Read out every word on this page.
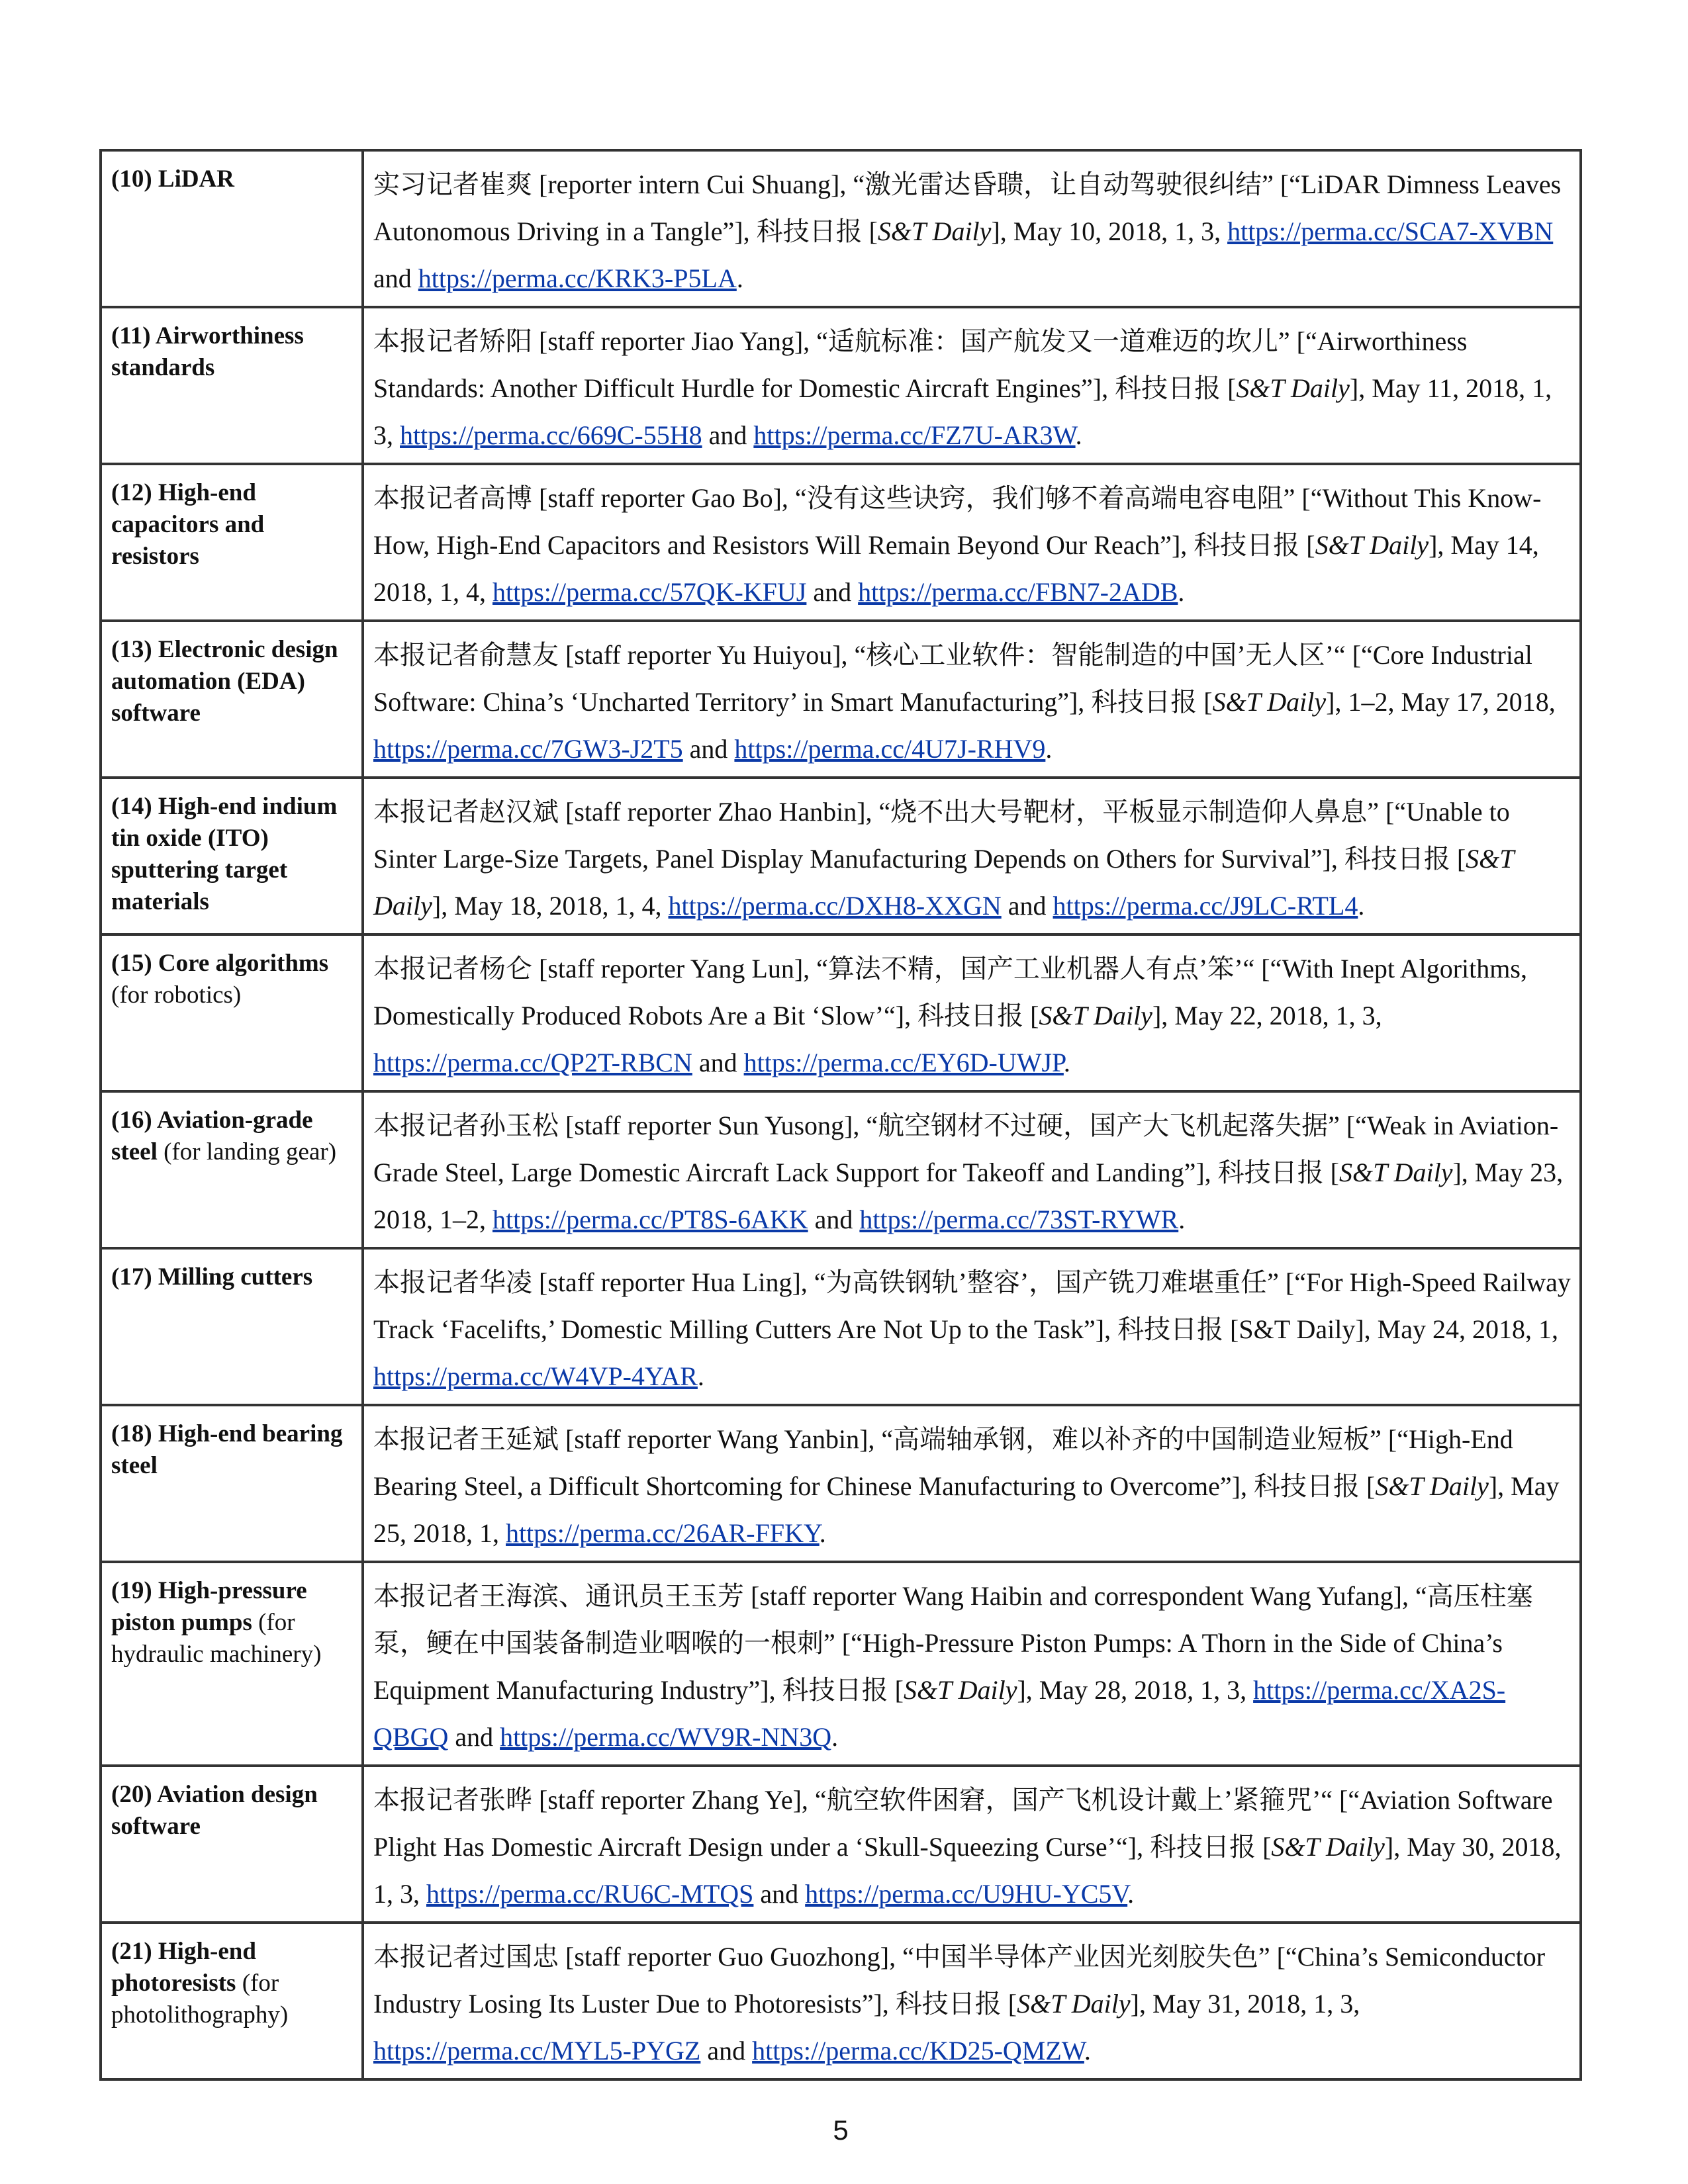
(10) LiDAR	实习记者崔爽 [reporter intern Cui Shuang], “激光雷达昏聩，让自动驾驶很纠结” [“LiDAR Dimness Leaves Autonomous Driving in a Tangle”], 科技日报 [S&T Daily], May 10, 2018, 1, 3, https://perma.cc/SCA7-XVBN and https://perma.cc/KRK3-P5LA.
(11) Airworthiness standards	本报记者矫阳 [staff reporter Jiao Yang], “适航标准：国产航发又一道难迈的坎儿” [“Airworthiness Standards: Another Difficult Hurdle for Domestic Aircraft Engines”], 科技日报 [S&T Daily], May 11, 2018, 1, 3, https://perma.cc/669C-55H8 and https://perma.cc/FZ7U-AR3W.
(12) High-end capacitors and resistors	本报记者高博 [staff reporter Gao Bo], “没有这些诀窍，我们够不着高端电容电阻” [“Without This Know-How, High-End Capacitors and Resistors Will Remain Beyond Our Reach”], 科技日报 [S&T Daily], May 14, 2018, 1, 4, https://perma.cc/57QK-KFUJ and https://perma.cc/FBN7-2ADB.
(13) Electronic design automation (EDA) software	本报记者俞慧友 [staff reporter Yu Huiyou], “核心工业软件：智能制造的中国’无人区’“ [“Core Industrial Software: China’s ‘Uncharted Territory’ in Smart Manufacturing”], 科技日报 [S&T Daily], 1–2, May 17, 2018, https://perma.cc/7GW3-J2T5 and https://perma.cc/4U7J-RHV9.
(14) High-end indium tin oxide (ITO) sputtering target materials	本报记者赵汉斌 [staff reporter Zhao Hanbin], “烧不出大号靶材，平板显示制造仰人鼻息” [“Unable to Sinter Large-Size Targets, Panel Display Manufacturing Depends on Others for Survival”], 科技日报 [S&T Daily], May 18, 2018, 1, 4, https://perma.cc/DXH8-XXGN and https://perma.cc/J9LC-RTL4.
(15) Core algorithms (for robotics)	本报记者杨仑 [staff reporter Yang Lun], “算法不精，国产工业机器人有点’笨’“ [“With Inept Algorithms, Domestically Produced Robots Are a Bit ‘Slow’“], 科技日报 [S&T Daily], May 22, 2018, 1, 3, https://perma.cc/QP2T-RBCN and https://perma.cc/EY6D-UWJP.
(16) Aviation-grade steel (for landing gear)	本报记者孙玉松 [staff reporter Sun Yusong], “航空钢材不过硬，国产大飞机起落失据” [“Weak in Aviation-Grade Steel, Large Domestic Aircraft Lack Support for Takeoff and Landing”], 科技日报 [S&T Daily], May 23, 2018, 1–2, https://perma.cc/PT8S-6AKK and https://perma.cc/73ST-RYWR.
(17) Milling cutters	本报记者华凌 [staff reporter Hua Ling], “为高铁钢轨’整容’，国产铣刀难堪重任” [“For High-Speed Railway Track ‘Facelifts,’ Domestic Milling Cutters Are Not Up to the Task”], 科技日报 [S&T Daily], May 24, 2018, 1, https://perma.cc/W4VP-4YAR.
(18) High-end bearing steel	本报记者王延斌 [staff reporter Wang Yanbin], “高端轴承钢，难以补齐的中国制造业短板” [“High-End Bearing Steel, a Difficult Shortcoming for Chinese Manufacturing to Overcome”], 科技日报 [S&T Daily], May 25, 2018, 1, https://perma.cc/26AR-FFKY.
(19) High-pressure piston pumps (for hydraulic machinery)	本报记者王海滨、通讯员王玉芳 [staff reporter Wang Haibin and correspondent Wang Yufang], “高压柱塞泵，鲠在中国装备制造业咽喉的一根刺” [“High-Pressure Piston Pumps: A Thorn in the Side of China’s Equipment Manufacturing Industry”], 科技日报 [S&T Daily], May 28, 2018, 1, 3, https://perma.cc/XA2S-QBGQ and https://perma.cc/WV9R-NN3Q.
(20) Aviation design software	本报记者张晔 [staff reporter Zhang Ye], “航空软件困窘，国产飞机设计戴上’紧箍咒’“ [“Aviation Software Plight Has Domestic Aircraft Design under a ‘Skull-Squeezing Curse’“], 科技日报 [S&T Daily], May 30, 2018, 1, 3, https://perma.cc/RU6C-MTQS and https://perma.cc/U9HU-YC5V.
(21) High-end photoresists (for photolithography)	本报记者过国忠 [staff reporter Guo Guozhong], “中国半导体产业因光刻胶失色” [“China’s Semiconductor Industry Losing Its Luster Due to Photoresists”], 科技日报 [S&T Daily], May 31, 2018, 1, 3, https://perma.cc/MYL5-PYGZ and https://perma.cc/KD25-QMZW.
5
